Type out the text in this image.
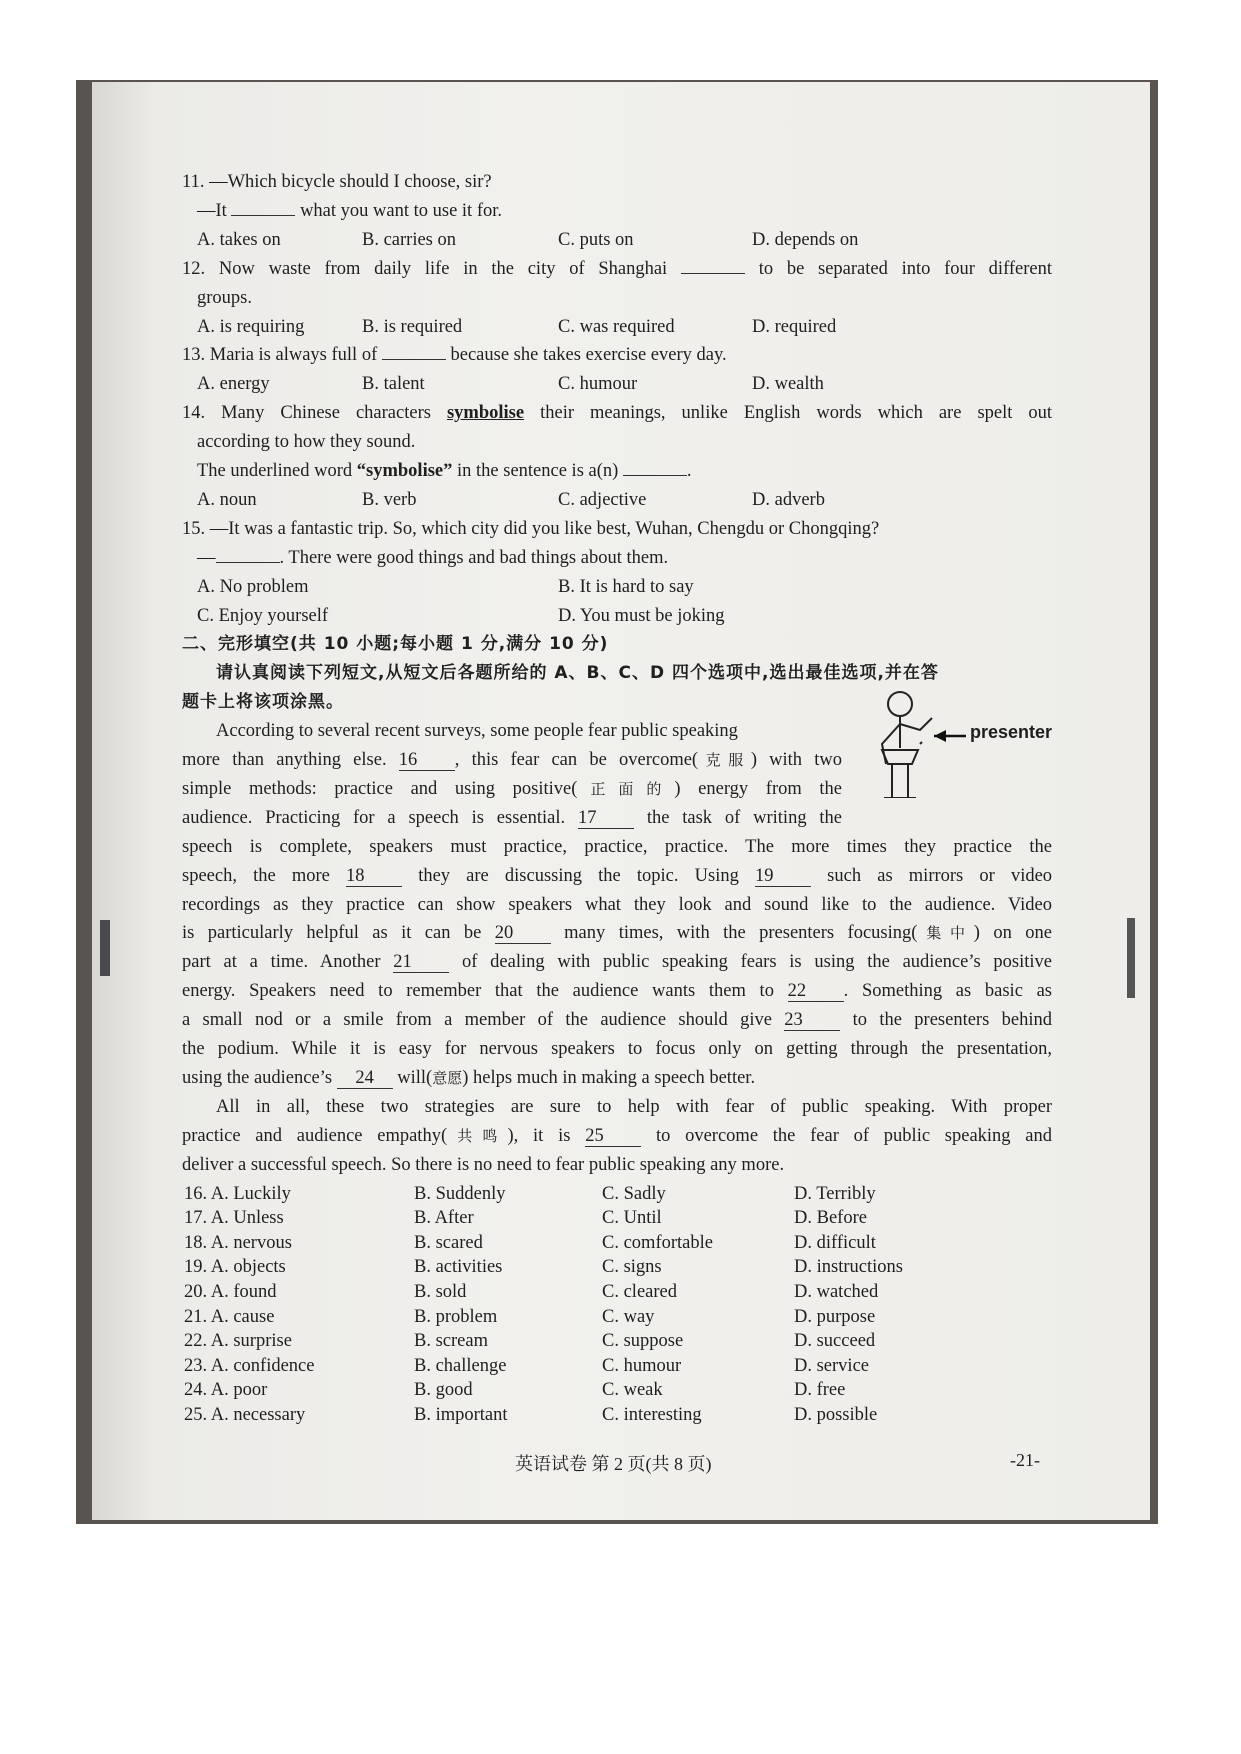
11. —Which bicycle should I choose, sir?
—It	what you want to use it for.
A. takes on	B. carries on	C. puts on	D. depends on
12. Now waste from daily life in the city of Shanghai	to be separated into four different
groups.
A. is requiring	B. is required	C. was required	D. required
13. Maria is always full of	because she takes exercise every day.
A. energy	B. talent	C. humour	D. wealth
14. Many Chinese characters symbolise their meanings, unlike English words which are spelt out
according to how they sound.
The underlined word “symbolise” in the sentence is a(n)	.
A. noun	B. verb	C. adjective	D. adverb
15. —It was a fantastic trip. So, which city did you like best, Wuhan, Chengdu or Chongqing?
—	. There were good things and bad things about them.
A. No problem	B. It is hard to say
C. Enjoy yourself	D. You must be joking
二、完形填空(共 10 小题;每小题 1 分,满分 10 分)
请认真阅读下列短文,从短文后各题所给的 A、B、C、D 四个选项中,选出最佳选项,并在答
题卡上将该项涂黑。
According to several recent surveys, some people fear public speaking
more than anything else. 16 , this fear can be overcome(克服) with two
simple methods: practice and using positive(正面的) energy from the
audience. Practicing for a speech is essential. 17	the task of writing the
speech is complete, speakers must practice, practice, practice. The more times they practice the
speech, the more 18	they are discussing the topic. Using 19	such as mirrors or video
recordings as they practice can show speakers what they look and sound like to the audience. Video
is particularly helpful as it can be 20	many times, with the presenters focusing(集中) on one
part at a time. Another 21	of dealing with public speaking fears is using the audience’s positive
energy. Speakers need to remember that the audience wants them to 22 . Something as basic as
a small nod or a smile from a member of the audience should give 23	to the presenters behind
the podium. While it is easy for nervous speakers to focus only on getting through the presentation,
using the audience’s 24 will(意愿) helps much in making a speech better.
All in all, these two strategies are sure to help with fear of public speaking. With proper
practice and audience empathy(共鸣), it is 25	to overcome the fear of public speaking and
deliver a successful speech. So there is no need to fear public speaking any more.
16. A. Luckily	B. Suddenly	C. Sadly	D. Terribly
17. A. Unless	B. After	C. Until	D. Before
18. A. nervous	B. scared	C. comfortable	D. difficult
19. A. objects	B. activities	C. signs	D. instructions
20. A. found	B. sold	C. cleared	D. watched
21. A. cause	B. problem	C. way	D. purpose
22. A. surprise	B. scream	C. suppose	D. succeed
23. A. confidence	B. challenge	C. humour	D. service
24. A. poor	B. good	C. weak	D. free
25. A. necessary	B. important	C. interesting	D. possible
presenter
英语试卷 第 2 页(共 8 页)	-21-
